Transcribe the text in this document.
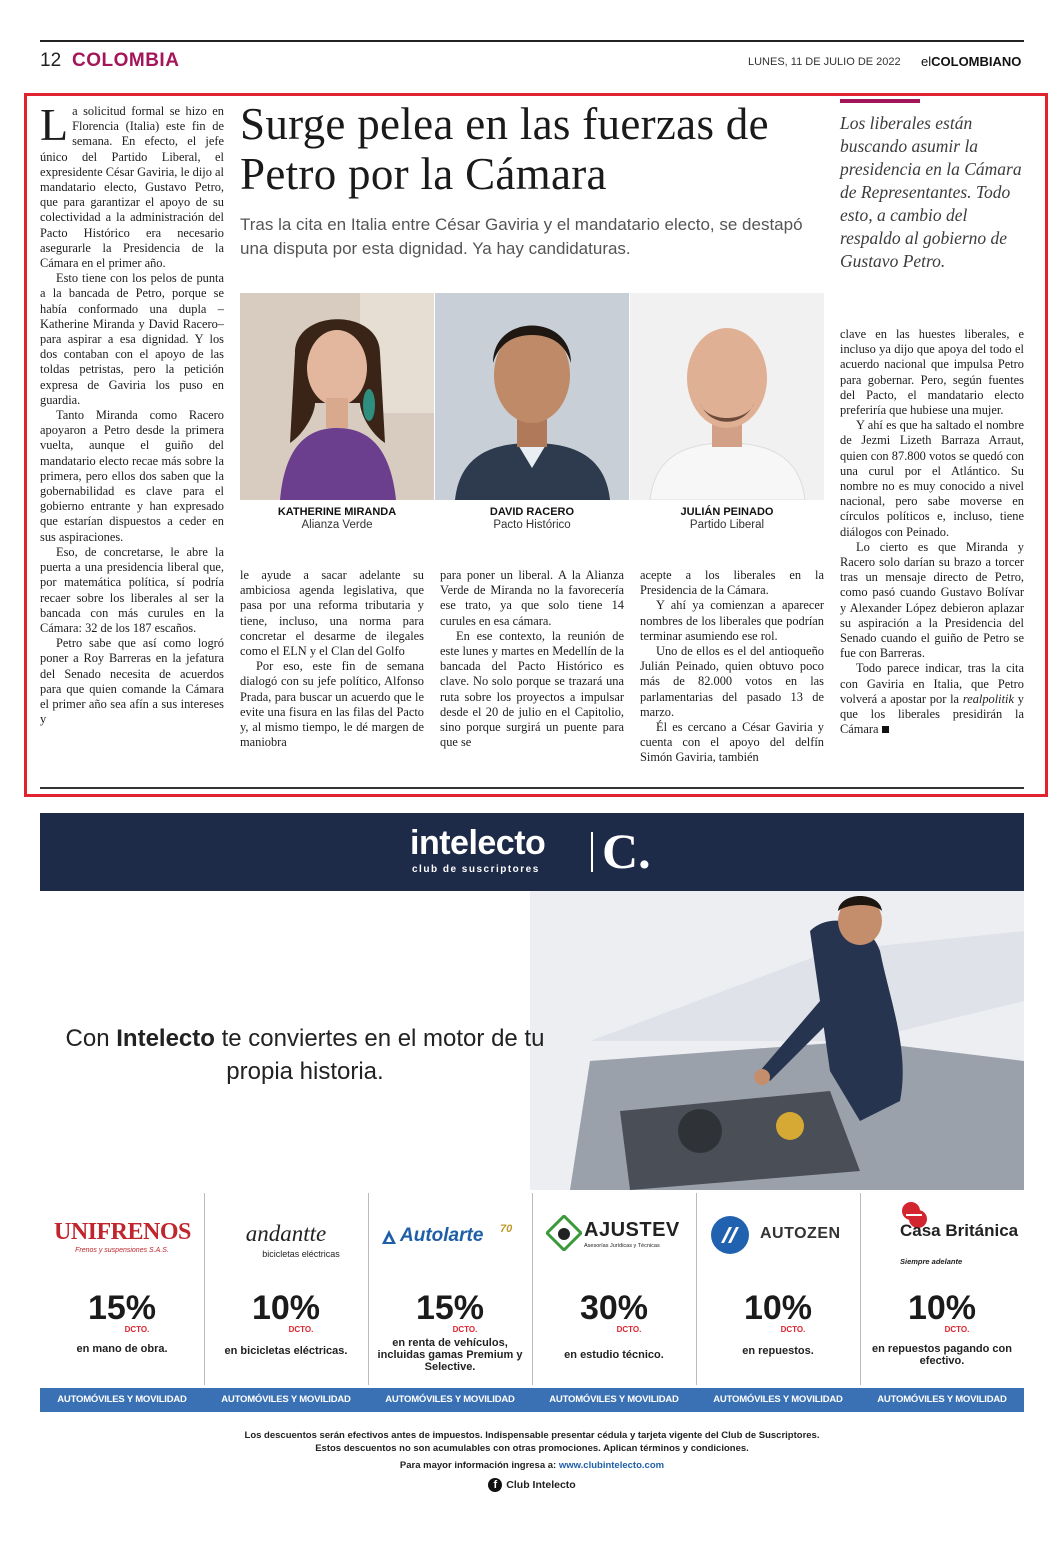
12 COLOMBIA	LUNES, 11 DE JULIO DE 2022 elCOLOMBIANO
Surge pelea en las fuerzas de Petro por la Cámara
Tras la cita en Italia entre César Gaviria y el mandatario electo, se destapó una disputa por esta dignidad. Ya hay candidaturas.
Los liberales están buscando asumir la presidencia en la Cámara de Representantes. Todo esto, a cambio del respaldo al gobierno de Gustavo Petro.

La solicitud formal se hizo en Florencia (Italia) este fin de semana. En efecto, el jefe único del Partido Liberal, el expresidente César Gaviria, le dijo al mandatario electo, Gustavo Petro, que para garantizar el apoyo de su colectividad a la administración del Pacto Histórico era necesario asegurarle la Presidencia de la Cámara en el primer año.

Esto tiene con los pelos de punta a la bancada de Petro, porque se había conformado una dupla –Katherine Miranda y David Racero– para aspirar a esa dignidad. Y los dos contaban con el apoyo de las toldas petristas, pero la petición expresa de Gaviria los puso en guardia.

Tanto Miranda como Racero apoyaron a Petro desde la primera vuelta, aunque el guiño del mandatario electo recae más sobre la primera, pero ellos dos saben que la gobernabilidad es clave para el gobierno entrante y han expresado que estarían dispuestos a ceder en sus aspiraciones.

Eso, de concretarse, le abre la puerta a una presidencia liberal que, por matemática política, sí podría recaer sobre los liberales al ser la bancada con más curules en la Cámara: 32 de los 187 escaños.

Petro sabe que así como logró poner a Roy Barreras en la jefatura del Senado necesita de acuerdos para que quien comande la Cámara el primer año sea afín a sus intereses y

le ayude a sacar adelante su ambiciosa agenda legislativa, que pasa por una reforma tributaria y tiene, incluso, una norma para concretar el desarme de ilegales como el ELN y el Clan del Golfo

Por eso, este fin de semana dialogó con su jefe político, Alfonso Prada, para buscar un acuerdo que le evite una fisura en las filas del Pacto y, al mismo tiempo, le dé margen de maniobra

para poner un liberal. A la Alianza Verde de Miranda no la favorecería ese trato, ya que solo tiene 14 curules en esa cámara.

En ese contexto, la reunión de este lunes y martes en Medellín de la bancada del Pacto Histórico es clave. No solo porque se trazará una ruta sobre los proyectos a impulsar desde el 20 de julio en el Capitolio, sino porque surgirá un puente para que se

acepte a los liberales en la Presidencia de la Cámara.

Y ahí ya comienzan a aparecer nombres de los liberales que podrían terminar asumiendo ese rol.

Uno de ellos es el del antioqueño Julián Peinado, quien obtuvo poco más de 82.000 votos en las parlamentarias del pasado 13 de marzo.

Él es cercano a César Gaviria y cuenta con el apoyo del delfín Simón Gaviria, también

clave en las huestes liberales, e incluso ya dijo que apoya del todo el acuerdo nacional que impulsa Petro para gobernar. Pero, según fuentes del Pacto, el mandatario electo preferiría que hubiese una mujer.

Y ahí es que ha saltado el nombre de Jezmi Lizeth Barraza Arraut, quien con 87.800 votos se quedó con una curul por el Atlántico. Su nombre no es muy conocido a nivel nacional, pero sabe moverse en círculos políticos e, incluso, tiene diálogos con Peinado.

Lo cierto es que Miranda y Racero solo darían su brazo a torcer tras un mensaje directo de Petro, como pasó cuando Gustavo Bolívar y Alexander López debieron aplazar su aspiración a la Presidencia del Senado cuando el guiño de Petro se fue con Barreras.

Todo parece indicar, tras la cita con Gaviria en Italia, que Petro volverá a apostar por la realpolitik y que los liberales presidirán la Cámara

KATHERINE MIRANDA
Alianza Verde
DAVID RACERO
Pacto Histórico
JULIÁN PEINADO
Partido Liberal
intelecto
club de suscriptores C.
Con Intelecto te conviertes en el motor de tu propia historia.
UNIFRENOS
Frenos y suspensiones S.A.S.
15%
DCTO.
en mano de obra.
andantte
bicicletas eléctricas
10%
DCTO.
en bicicletas eléctricas.
Autolarte 70
15%
DCTO.
en renta de vehículos, incluidas gamas Premium y Selective.
AJUSTEV
Asesorías Jurídicas y Técnicas
30%
DCTO.
en estudio técnico.
AUTOZEN
10%
DCTO.
en repuestos.
Casa Británica
Siempre adelante
10%
DCTO.
en repuestos pagando con efectivo.
AUTOMÓVILES Y MOVILIDAD	AUTOMÓVILES Y MOVILIDAD	AUTOMÓVILES Y MOVILIDAD	AUTOMÓVILES Y MOVILIDAD	AUTOMÓVILES Y MOVILIDAD	AUTOMÓVILES Y MOVILIDAD
Los descuentos serán efectivos antes de impuestos. Indispensable presentar cédula y tarjeta vigente del Club de Suscriptores.
Estos descuentos no son acumulables con otras promociones. Aplican términos y condiciones.
Para mayor información ingresa a: www.clubintelecto.com
f Club Intelecto
